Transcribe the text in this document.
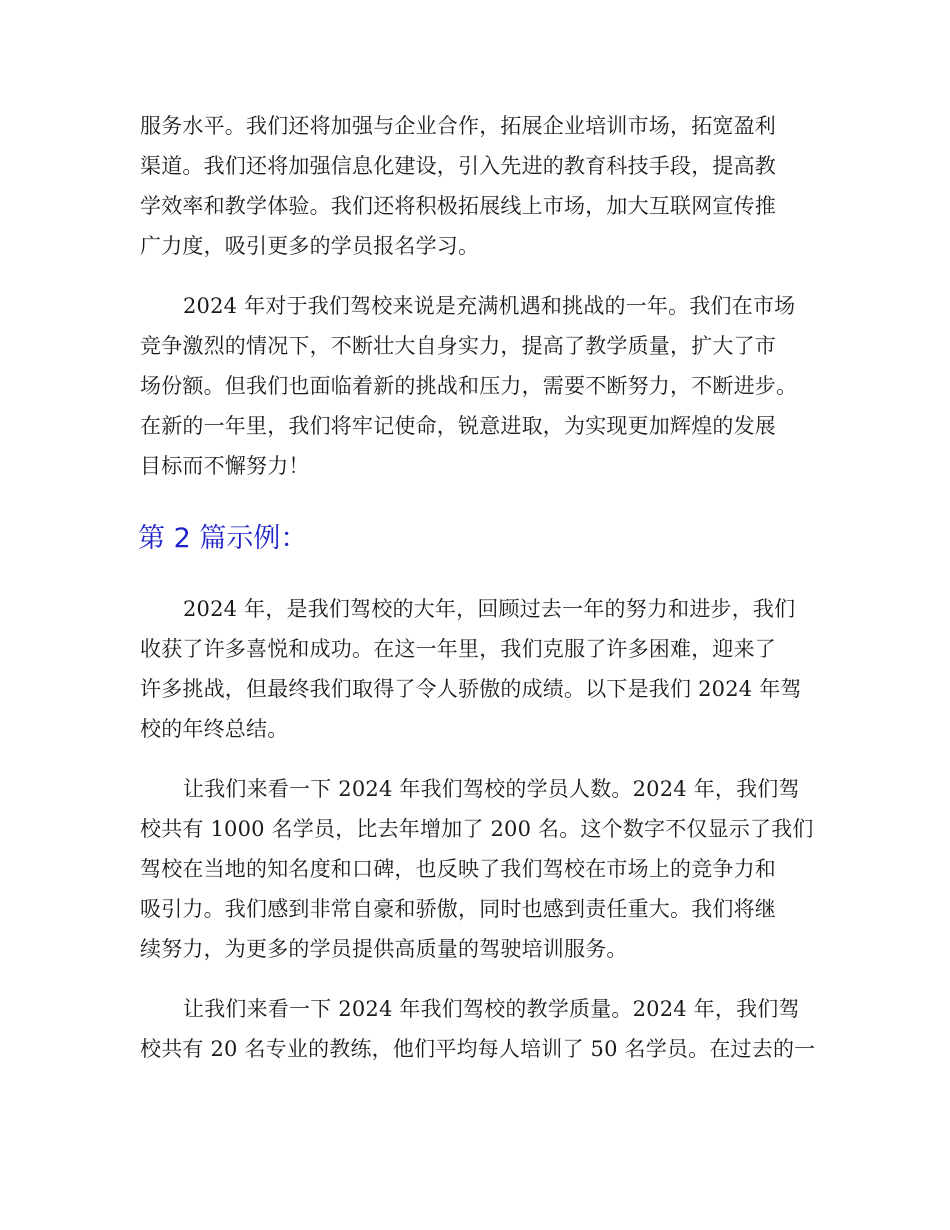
服务水平。我们还将加强与企业合作，拓展企业培训市场，拓宽盈利
渠道。我们还将加强信息化建设，引入先进的教育科技手段，提高教
学效率和教学体验。我们还将积极拓展线上市场，加大互联网宣传推
广力度，吸引更多的学员报名学习。
2024 年对于我们驾校来说是充满机遇和挑战的一年。我们在市场
竞争激烈的情况下，不断壮大自身实力，提高了教学质量，扩大了市
场份额。但我们也面临着新的挑战和压力，需要不断努力，不断进步。
在新的一年里，我们将牢记使命，锐意进取，为实现更加辉煌的发展
目标而不懈努力！
第 2 篇示例：
2024 年，是我们驾校的大年，回顾过去一年的努力和进步，我们
收获了许多喜悦和成功。在这一年里，我们克服了许多困难，迎来了
许多挑战，但最终我们取得了令人骄傲的成绩。以下是我们 2024 年驾
校的年终总结。
让我们来看一下 2024 年我们驾校的学员人数。2024 年，我们驾
校共有 1000 名学员，比去年增加了 200 名。这个数字不仅显示了我们
驾校在当地的知名度和口碑，也反映了我们驾校在市场上的竞争力和
吸引力。我们感到非常自豪和骄傲，同时也感到责任重大。我们将继
续努力，为更多的学员提供高质量的驾驶培训服务。
让我们来看一下 2024 年我们驾校的教学质量。2024 年，我们驾
校共有 20 名专业的教练，他们平均每人培训了 50 名学员。在过去的一
